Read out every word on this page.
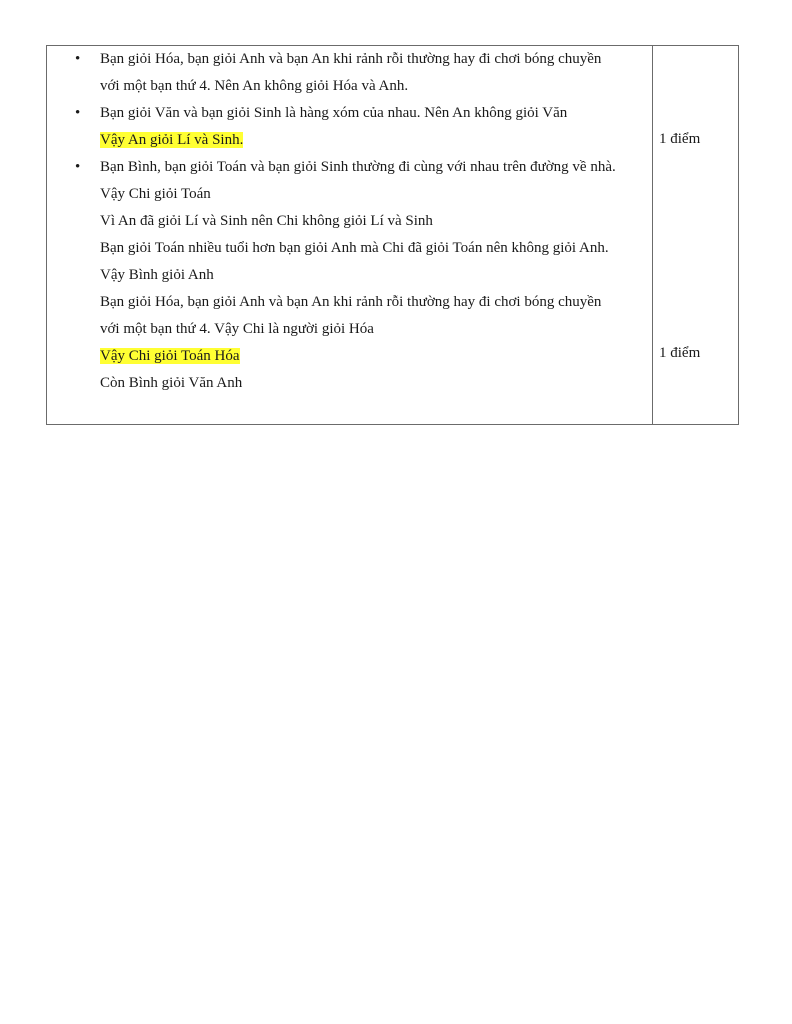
• Bạn giỏi Hóa, bạn giỏi Anh và bạn An khi rảnh rỗi thường hay đi chơi bóng chuyền
với một bạn thứ 4. Nên An không giỏi Hóa và Anh.
• Bạn giỏi Văn và bạn giỏi Sinh là hàng xóm của nhau. Nên An không giỏi Văn
Vậy An giỏi Lí và Sinh.
• Bạn Bình, bạn giỏi Toán và bạn giỏi Sinh thường đi cùng với nhau trên đường về nhà.
Vậy Chi giỏi Toán
Vì An đã giỏi Lí và Sinh nên Chi không giỏi Lí và Sinh
Bạn giỏi Toán nhiều tuổi hơn bạn giỏi Anh mà Chi đã giỏi Toán nên không giỏi Anh.
Vậy Bình giỏi Anh
Bạn giỏi Hóa, bạn giỏi Anh và bạn An khi rảnh rỗi thường hay đi chơi bóng chuyền
với một bạn thứ 4. Vậy Chi là người giỏi Hóa
Vậy Chi giỏi Toán Hóa
Còn Bình giỏi Văn Anh
1 điểm
1 điểm
